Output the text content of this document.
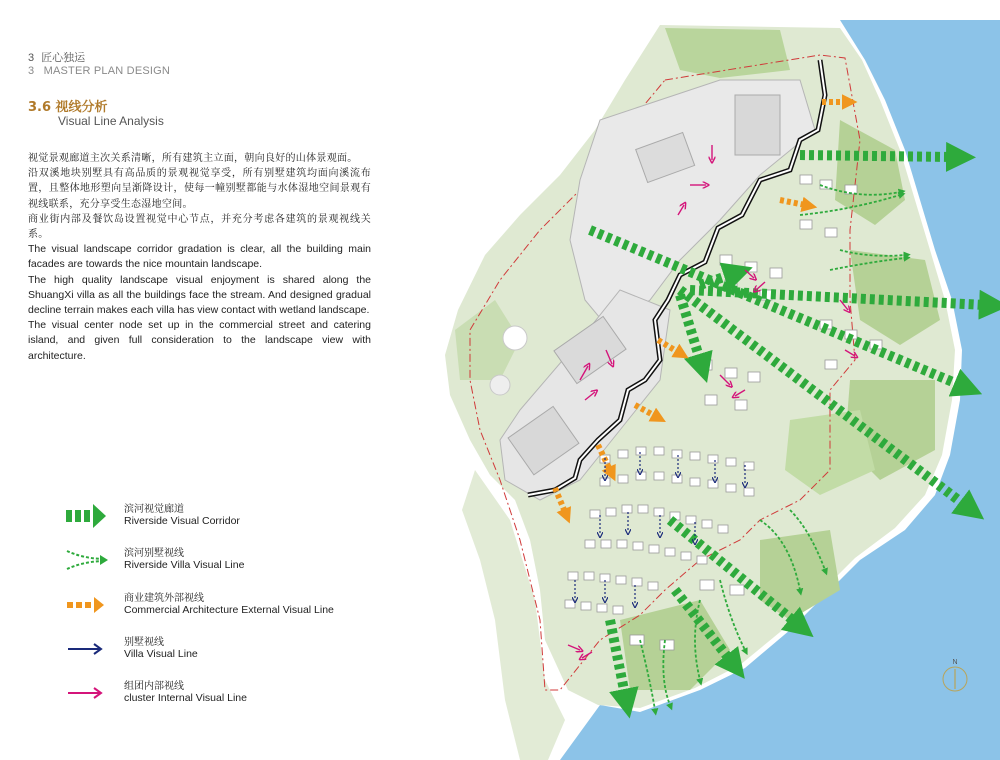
3 匠心独运
3 MASTER PLAN DESIGN
3.6 视线分析
Visual Line Analysis

视觉景观廊道主次关系清晰，所有建筑主立面，朝向良好的山体景观面。

沿双溪地块别墅具有高品质的景观视觉享受，所有别墅建筑均面向溪流布置，且整体地形塑向呈渐降设计，使每一幢别墅都能与水体湿地空间景观有视线联系，充分享受生态湿地空间。

商业街内部及餐饮岛设置视觉中心节点，并充分考虑各建筑的景观视线关系。

The visual landscape corridor gradation is clear, all the building main facades are towards the nice mountain landscape.

The high quality landscape visual enjoyment is shared along the ShuangXi villa as all the buildings face the stream. And designed gradual decline terrain makes each villa has view contact with wetland landscape.

The visual center node set up in the commercial street and catering island, and given full consideration to the landscape view with architecture.

滨河视觉廊道
Riverside Visual Corridor
滨河别墅视线
Riverside Villa Visual Line
商业建筑外部视线
Commercial Architecture External Visual Line
别墅视线
Villa Visual Line
组团内部视线
cluster Internal Visual Line
N
